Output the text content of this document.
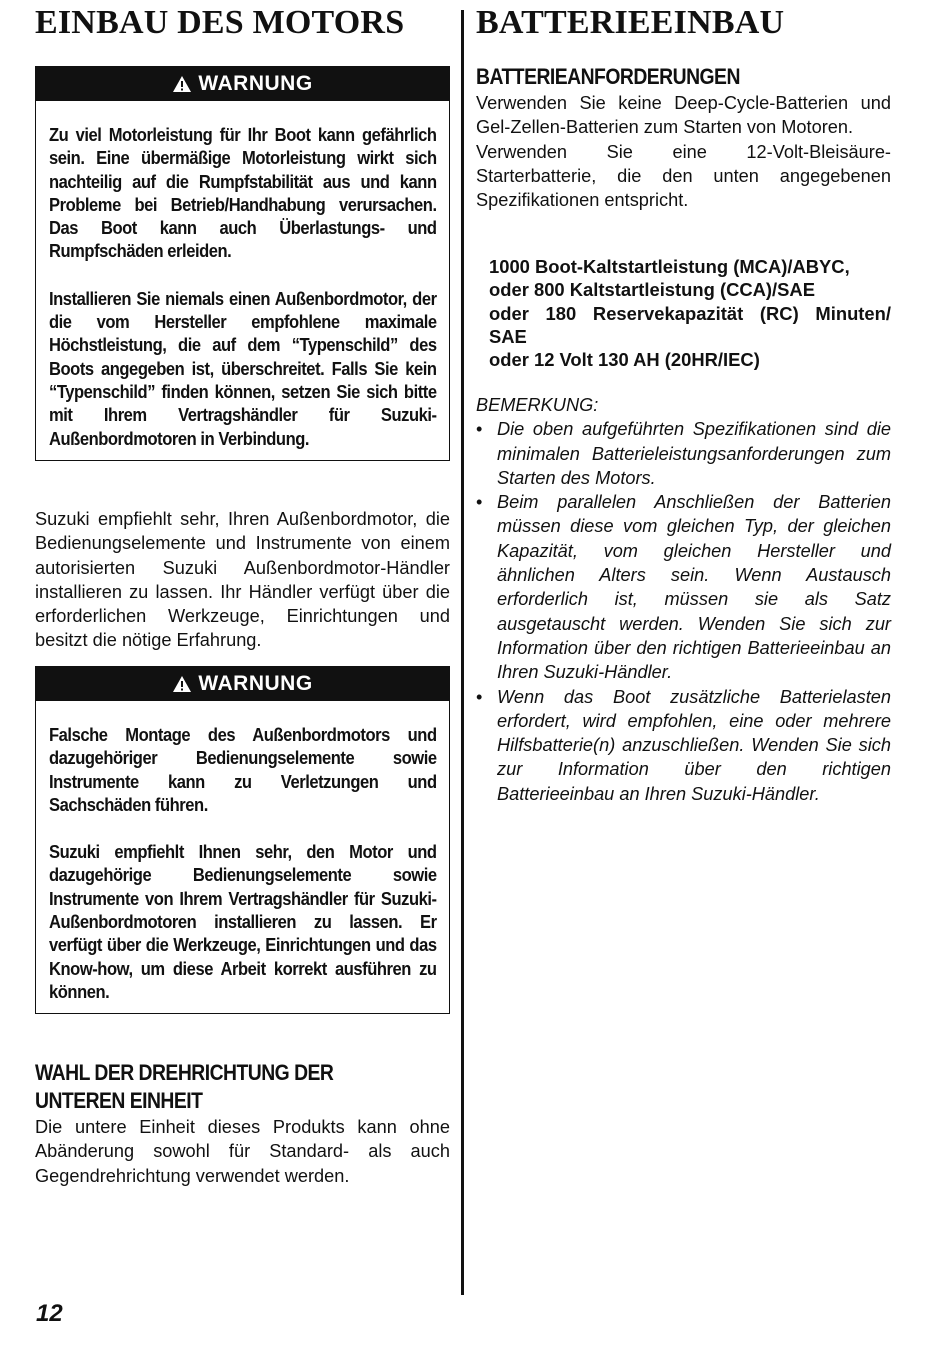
EINBAU DES MOTORS
WARNUNG

Zu viel Motorleistung für Ihr Boot kann gefährlich sein. Eine übermäßige Motorleistung wirkt sich nachteilig auf die Rumpfstabilität aus und kann Probleme bei Betrieb/Handhabung verursachen. Das Boot kann auch Überlastungs- und Rumpfschäden erleiden.

Installieren Sie niemals einen Außenbordmotor, der die vom Hersteller empfohlene maximale Höchstleistung, die auf dem “Typenschild” des Boots angegeben ist, überschreitet. Falls Sie kein “Typenschild” finden können, setzen Sie sich bitte mit Ihrem Vertragshändler für Suzuki-Außenbordmotoren in Verbindung.

Suzuki empfiehlt sehr, Ihren Außenbordmotor, die Bedienungselemente und Instrumente von einem autorisierten Suzuki Außenbordmotor-Händler installieren zu lassen. Ihr Händler verfügt über die erforderlichen Werkzeuge, Einrichtungen und besitzt die nötige Erfahrung.

WARNUNG

Falsche Montage des Außenbordmotors und dazugehöriger Bedienungselemente sowie Instrumente kann zu Verletzungen und Sachschäden führen.

Suzuki empfiehlt Ihnen sehr, den Motor und dazugehörige Bedienungselemente sowie Instrumente von Ihrem Vertragshändler für Suzuki-Außenbordmotoren installieren zu lassen. Er verfügt über die Werkzeuge, Einrichtungen und das Know-how, um diese Arbeit korrekt ausführen zu können.

WAHL DER DREHRICHTUNG DER
UNTEREN EINHEIT

Die untere Einheit dieses Produkts kann ohne Abänderung sowohl für Standard- als auch Gegendrehrichtung verwendet werden.

BATTERIEEINBAU
BATTERIEANFORDERUNGEN

Verwenden Sie keine Deep-Cycle-Batterien und Gel-Zellen-Batterien zum Starten von Motoren.

Verwenden Sie eine 12-Volt-Bleisäure-Starterbatterie, die den unten angegebenen Spezifikationen entspricht.

1000 Boot-Kaltstartleistung (MCA)/ABYC,
oder 800 Kaltstartleistung (CCA)/SAE
oder 180 Reservekapazität (RC) Minuten/
SAE
oder 12 Volt 130 AH (20HR/IEC)
BEMERKUNG:
• Die oben aufgeführten Spezifikationen sind die minimalen Batterieleistungsanforderungen zum Starten des Motors.
• Beim parallelen Anschließen der Batterien müssen diese vom gleichen Typ, der gleichen Kapazität, vom gleichen Hersteller und ähnlichen Alters sein. Wenn Austausch erforderlich ist, müssen sie als Satz ausgetauscht werden. Wenden Sie sich zur Information über den richtigen Batterieeinbau an Ihren Suzuki-Händler.
• Wenn das Boot zusätzliche Batterielasten erfordert, wird empfohlen, eine oder mehrere Hilfsbatterie(n) anzuschließen. Wenden Sie sich zur Information über den richtigen Batterieeinbau an Ihren Suzuki-Händler.
12
